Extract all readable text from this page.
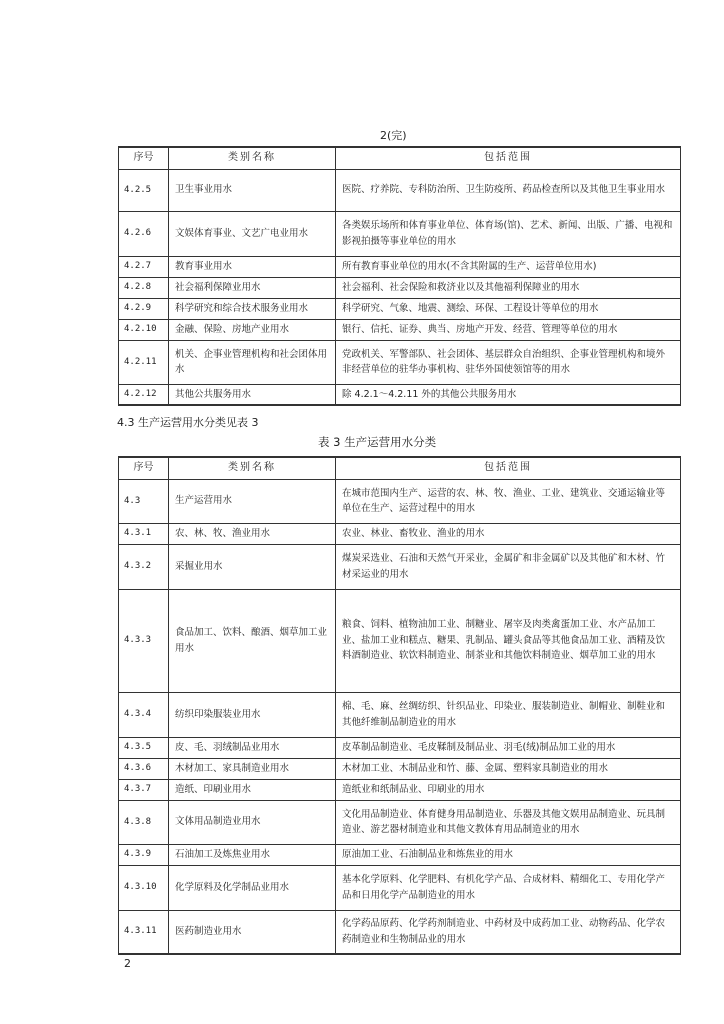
2(完)
序号	类别名称	包括范围
4.2.5	卫生事业用水	医院、疗养院、专科防治所、卫生防疫所、药品检查所以及其他卫生事业用水
4.2.6	文娱体育事业、文艺广电业用水	各类娱乐场所和体育事业单位、体育场(馆)、艺术、新闻、出版、广播、电视和影视拍摄等事业单位的用水
4.2.7	教育事业用水	所有教育事业单位的用水(不含其附属的生产、运营单位用水)
4.2.8	社会福利保障业用水	社会福利、社会保险和救济业以及其他福利保障业的用水
4.2.9	科学研究和综合技术服务业用水	科学研究、气象、地震、测绘、环保、工程设计等单位的用水
4.2.10	金融、保险、房地产业用水	银行、信托、证券、典当、房地产开发、经营、管理等单位的用水
4.2.11	机关、企事业管理机构和社会团体用水	党政机关、军警部队、社会团体、基层群众自治组织、企事业管理机构和境外非经营单位的驻华办事机构、驻华外国使领馆等的用水
4.2.12	其他公共服务用水	除 4.2.1～4.2.11 外的其他公共服务用水
4.3 生产运营用水分类见表 3
表 3 生产运营用水分类
序号	类别名称	包括范围
4.3	生产运营用水	在城市范围内生产、运营的农、林、牧、渔业、工业、建筑业、交通运输业等单位在生产、运营过程中的用水
4.3.1	农、林、牧、渔业用水	农业、林业、畜牧业、渔业的用水
4.3.2	采掘业用水	煤炭采选业、石油和天然气开采业，金属矿和非金属矿以及其他矿和木材、竹材采运业的用水
4.3.3	食品加工、饮料、酿酒、烟草加工业用水	粮食、饲料、植物油加工业、制糖业、屠宰及肉类禽蛋加工业、水产品加工业、盐加工业和糕点、糖果、乳制品、罐头食品等其他食品加工业、酒精及饮料酒制造业、软饮料制造业、制茶业和其他饮料制造业、烟草加工业的用水
4.3.4	纺织印染服装业用水	棉、毛、麻、丝绸纺织、针织品业、印染业、服装制造业、制帽业、制鞋业和其他纤维制品制造业的用水
4.3.5	皮、毛、羽绒制品业用水	皮革制品制造业、毛皮鞣制及制品业、羽毛(绒)制品加工业的用水
4.3.6	木材加工、家具制造业用水	木材加工业、木制品业和竹、藤、金属、塑料家具制造业的用水
4.3.7	造纸、印刷业用水	造纸业和纸制品业、印刷业的用水
4.3.8	文体用品制造业用水	文化用品制造业、体育健身用品制造业、乐器及其他文娱用品制造业、玩具制造业、游艺器材制造业和其他文教体育用品制造业的用水
4.3.9	石油加工及炼焦业用水	原油加工业、石油制品业和炼焦业的用水
4.3.10	化学原料及化学制品业用水	基本化学原料、化学肥料、有机化学产品、合成材料、精细化工、专用化学产品和日用化学产品制造业的用水
4.3.11	医药制造业用水	化学药品原药、化学药剂制造业、中药材及中成药加工业、动物药品、化学农药制造业和生物制品业的用水
2
